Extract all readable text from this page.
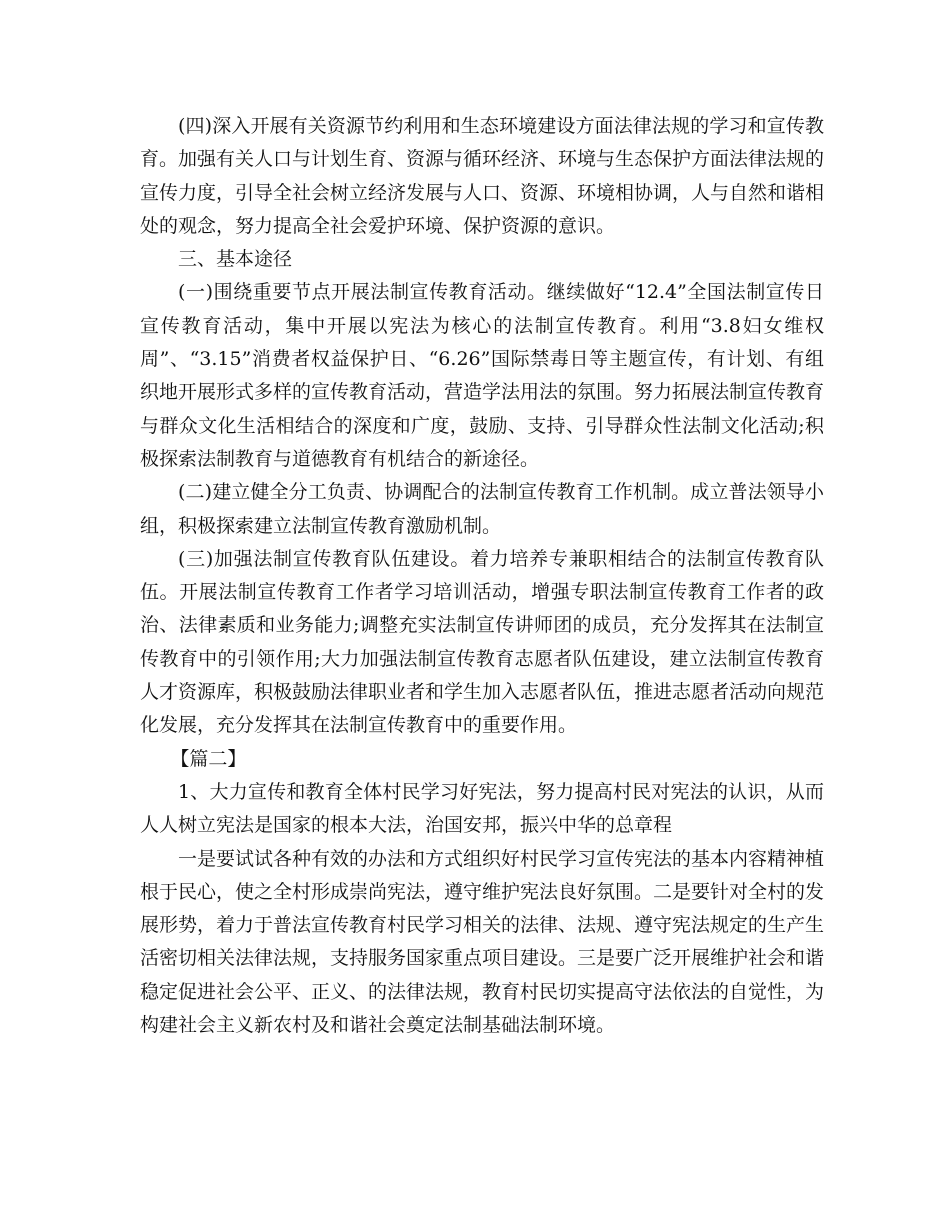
(四)深入开展有关资源节约利用和生态环境建设方面法律法规的学习和宣传教育。加强有关人口与计划生育、资源与循环经济、环境与生态保护方面法律法规的宣传力度，引导全社会树立经济发展与人口、资源、环境相协调，人与自然和谐相处的观念，努力提高全社会爱护环境、保护资源的意识。

三、基本途径

(一)围绕重要节点开展法制宣传教育活动。继续做好“12.4”全国法制宣传日宣传教育活动，集中开展以宪法为核心的法制宣传教育。利用“3.8妇女维权周”、“3.15”消费者权益保护日、“6.26”国际禁毒日等主题宣传，有计划、有组织地开展形式多样的宣传教育活动，营造学法用法的氛围。努力拓展法制宣传教育与群众文化生活相结合的深度和广度，鼓励、支持、引导群众性法制文化活动;积极探索法制教育与道德教育有机结合的新途径。

(二)建立健全分工负责、协调配合的法制宣传教育工作机制。成立普法领导小组，积极探索建立法制宣传教育激励机制。

(三)加强法制宣传教育队伍建设。着力培养专兼职相结合的法制宣传教育队伍。开展法制宣传教育工作者学习培训活动，增强专职法制宣传教育工作者的政治、法律素质和业务能力;调整充实法制宣传讲师团的成员，充分发挥其在法制宣传教育中的引领作用;大力加强法制宣传教育志愿者队伍建设，建立法制宣传教育人才资源库，积极鼓励法律职业者和学生加入志愿者队伍，推进志愿者活动向规范化发展，充分发挥其在法制宣传教育中的重要作用。

【篇二】

1、大力宣传和教育全体村民学习好宪法，努力提高村民对宪法的认识，从而人人树立宪法是国家的根本大法，治国安邦，振兴中华的总章程

一是要试试各种有效的办法和方式组织好村民学习宣传宪法的基本内容精神植根于民心，使之全村形成崇尚宪法，遵守维护宪法良好氛围。二是要针对全村的发展形势，着力于普法宣传教育村民学习相关的法律、法规、遵守宪法规定的生产生活密切相关法律法规，支持服务国家重点项目建设。三是要广泛开展维护社会和谐稳定促进社会公平、正义、的法律法规，教育村民切实提高守法依法的自觉性，为构建社会主义新农村及和谐社会奠定法制基础法制环境。
